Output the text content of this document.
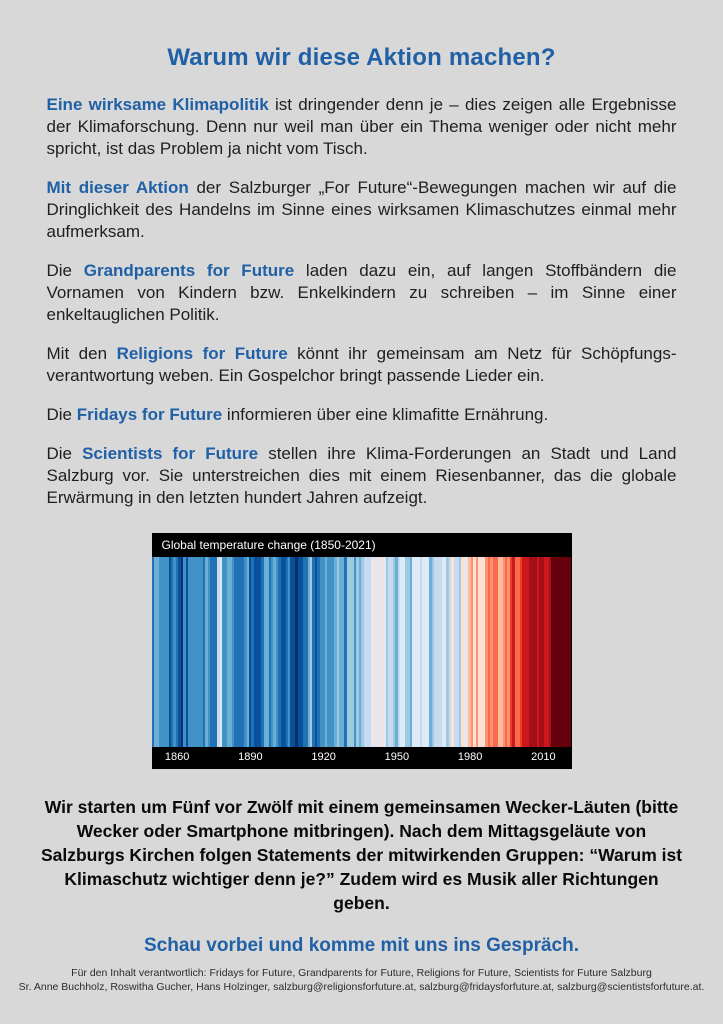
Warum wir diese Aktion machen?

Eine wirksame Klimapolitik ist dringender denn je – dies zeigen alle Ergebnisse der Klimaforschung. Denn nur weil man über ein Thema weniger oder nicht mehr spricht, ist das Problem ja nicht vom Tisch.

Mit dieser Aktion der Salzburger „For Future“-Bewegungen machen wir auf die Dringlichkeit des Handelns im Sinne eines wirksamen Klimaschutzes einmal mehr aufmerksam.

Die Grandparents for Future laden dazu ein, auf langen Stoffbändern die Vornamen von Kindern bzw. Enkelkindern zu schreiben – im Sinne einer enkeltauglichen Politik.

Mit den Religions for Future könnt ihr gemeinsam am Netz für Schöpfungs-verantwortung weben. Ein Gospelchor bringt passende Lieder ein.

Die Fridays for Future informieren über eine klimafitte Ernährung.

Die Scientists for Future stellen ihre Klima-Forderungen an Stadt und Land Salzburg vor. Sie unterstreichen dies mit einem Riesenbanner, das die globale Erwärmung in den letzten hundert Jahren aufzeigt.

Global temperature change (1850-2021)
1860	1890	1920	1950	1980	2010

Wir starten um Fünf vor Zwölf mit einem gemeinsamen Wecker-Läuten (bitte Wecker oder Smartphone mitbringen). Nach dem Mittagsgeläute von Salzburgs Kirchen folgen Statements der mitwirkenden Gruppen: “Warum ist Klimaschutz wichtiger denn je?” Zudem wird es Musik aller Richtungen geben.

Schau vorbei und komme mit uns ins Gespräch.

Für den Inhalt verantwortlich: Fridays for Future, Grandparents for Future, Religions for Future, Scientists for Future Salzburg
Sr. Anne Buchholz, Roswitha Gucher, Hans Holzinger, salzburg@religionsforfuture.at, salzburg@fridaysforfuture.at, salzburg@scientistsforfuture.at.
